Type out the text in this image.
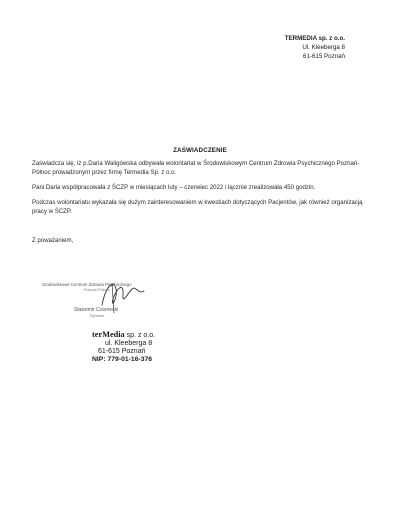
TERMEDIA sp. z o.o.
Ul. Kleeberga 8
61-615 Poznań
ZAŚWIADCZENIE
Zaświadcza się, iż p.Daria Waligówska odbywała wolontariat w Środowiskowym Centrum Zdrowia Psychicznego Poznań-Północ prowadzonym przez firmę Termedia Sp. z o.o.
Pani Daria współpracowała z ŚCZP w miesiącach luty – czerwiec 2022 i łącznie zrealizowała 450 godzin.
Podczas wolontariatu wykazała się dużym zainteresowaniem w kwestiach dotyczących Pacjentów, jak również organizacją pracy w ŚCZP.
Z poważaniem,
Środowiskowe Centrum Zdrowia Psychicznego
Poznań-Północ
Sławomir Czarnecki
Dyrektor
terMedia sp. z o.o.
ul. Kleeberga 8
61-615 Poznań
NIP: 779-01-16-376
